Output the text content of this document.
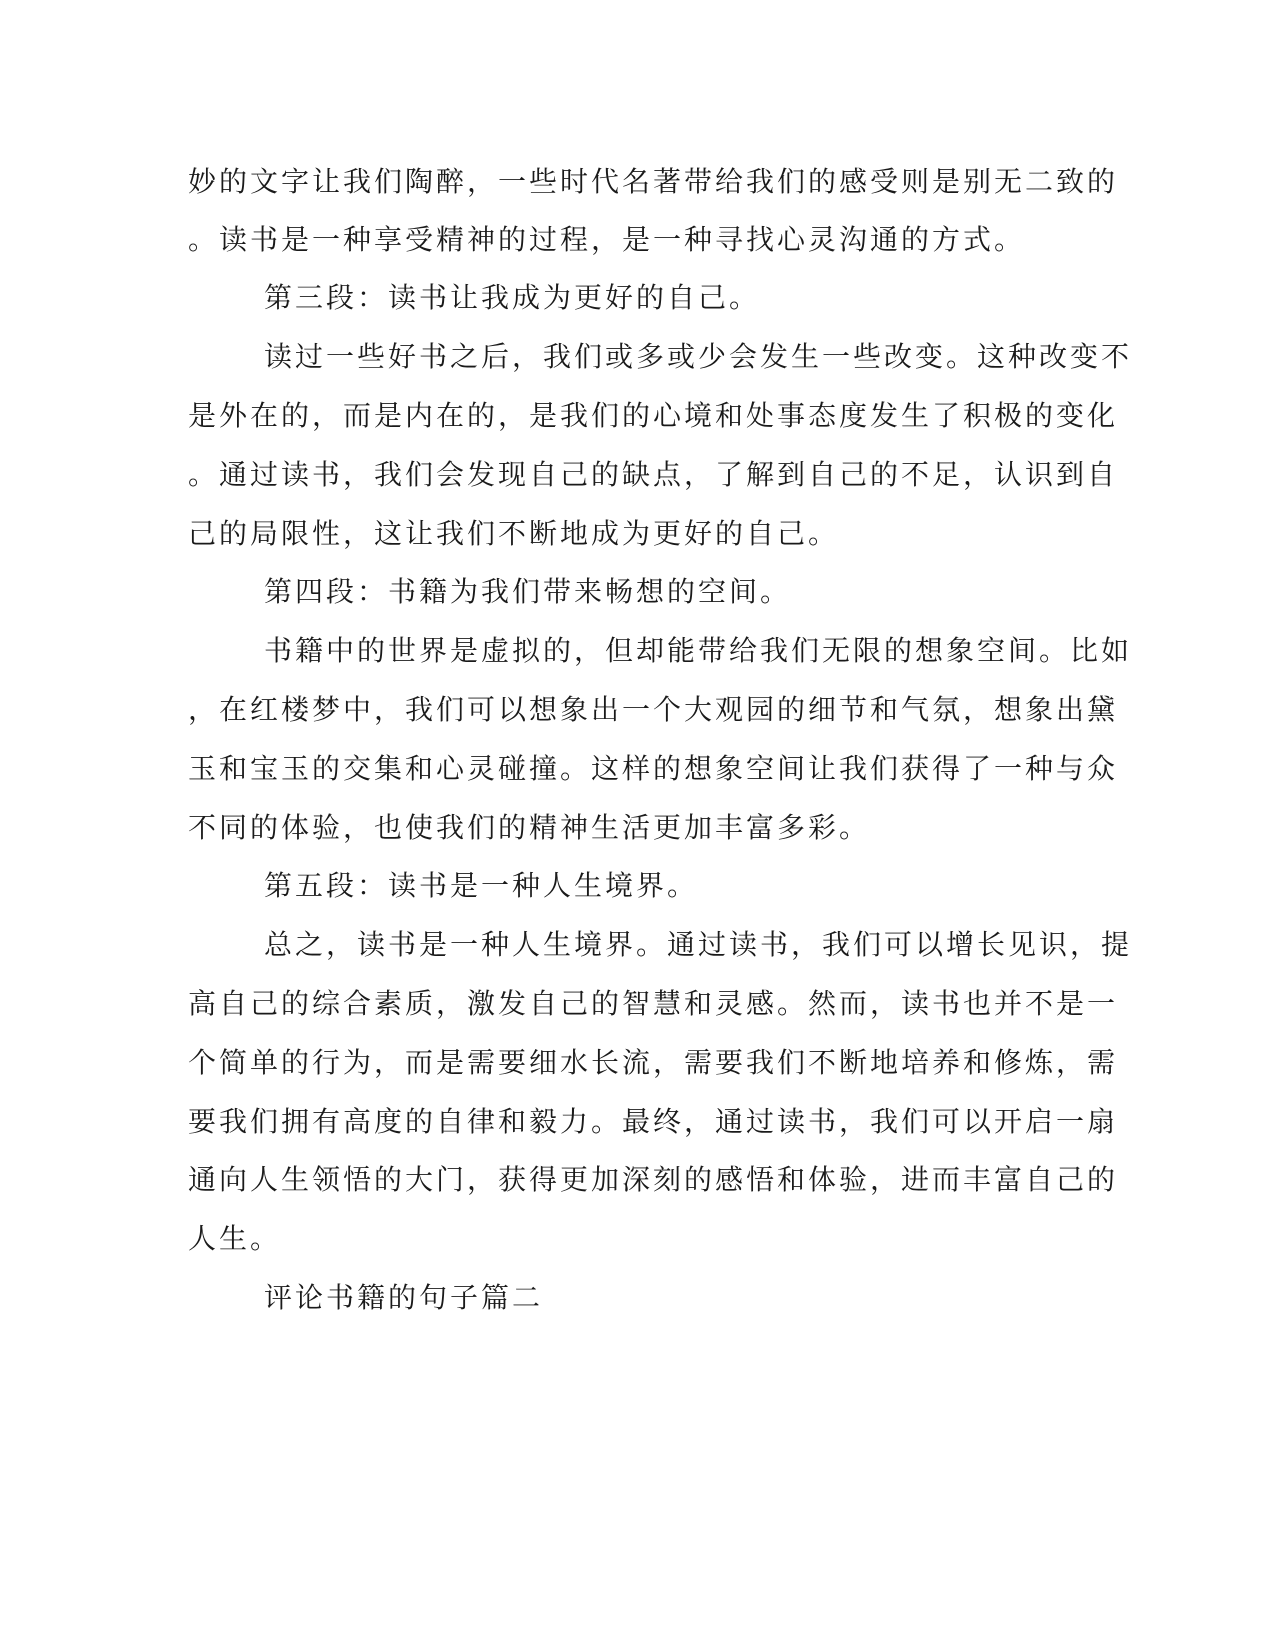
妙的文字让我们陶醉，一些时代名著带给我们的感受则是别无二致的
。读书是一种享受精神的过程，是一种寻找心灵沟通的方式。
第三段：读书让我成为更好的自己。
读过一些好书之后，我们或多或少会发生一些改变。这种改变不
是外在的，而是内在的，是我们的心境和处事态度发生了积极的变化
。通过读书，我们会发现自己的缺点，了解到自己的不足，认识到自
己的局限性，这让我们不断地成为更好的自己。
第四段：书籍为我们带来畅想的空间。
书籍中的世界是虚拟的，但却能带给我们无限的想象空间。比如
，在红楼梦中，我们可以想象出一个大观园的细节和气氛，想象出黛
玉和宝玉的交集和心灵碰撞。这样的想象空间让我们获得了一种与众
不同的体验，也使我们的精神生活更加丰富多彩。
第五段：读书是一种人生境界。
总之，读书是一种人生境界。通过读书，我们可以增长见识，提
高自己的综合素质，激发自己的智慧和灵感。然而，读书也并不是一
个简单的行为，而是需要细水长流，需要我们不断地培养和修炼，需
要我们拥有高度的自律和毅力。最终，通过读书，我们可以开启一扇
通向人生领悟的大门，获得更加深刻的感悟和体验，进而丰富自己的
人生。
评论书籍的句子篇二
